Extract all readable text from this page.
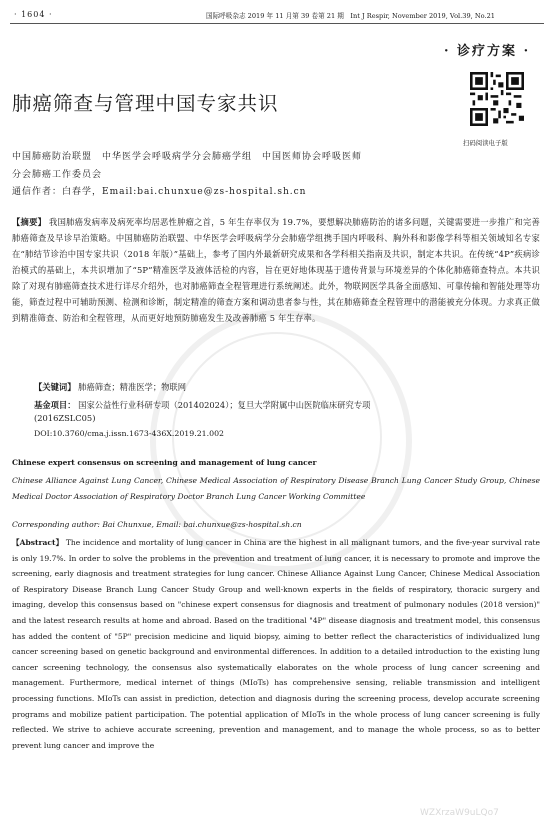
· 1604 ·	国际呼吸杂志 2019 年 11 月第 39 卷第 21 期　Int J Respir, November 2019, Vol.39, No.21
· 诊疗方案 ·
扫码阅读电子版
肺癌筛查与管理中国专家共识
中国肺癌防治联盟　中华医学会呼吸病学分会肺癌学组　中国医师协会呼吸医师
分会肺癌工作委员会
通信作者：白春学，Email:bai.chunxue@zs-hospital.sh.cn
【摘要】 我国肺癌发病率及病死率均居恶性肿瘤之首，5 年生存率仅为 19.7%，要想解决肺癌防治的诸多问题，关键需要进一步推广和完善肺癌筛查及早诊早治策略。中国肺癌防治联盟、中华医学会呼吸病学分会肺癌学组携手国内呼吸科、胸外科和影像学科等相关领域知名专家在“肺结节诊治中国专家共识（2018 年版）”基础上，参考了国内外最新研究成果和各学科相关指南及共识，制定本共识。在传统“4P”疾病诊治模式的基础上，本共识增加了“5P”精准医学及液体活检的内容，旨在更好地体现基于遗传背景与环境差异的个体化肺癌筛查特点。本共识除了对现有肺癌筛查技术进行详尽介绍外，也对肺癌筛查全程管理进行系统阐述。此外，物联网医学具备全面感知、可靠传输和智能处理等功能，筛查过程中可辅助预测、检测和诊断，制定精准的筛查方案和调动患者参与性，其在肺癌筛查全程管理中的潜能被充分体现。力求真正做到精准筛查、防治和全程管理，从而更好地预防肺癌发生及改善肺癌 5 年生存率。
【关键词】 肺癌筛查；精准医学；物联网
基金项目： 国家公益性行业科研专项（201402024）；复旦大学附属中山医院临床研究专项
(2016ZSLC05)
DOI:10.3760/cma.j.issn.1673-436X.2019.21.002
Chinese expert consensus on screening and management of lung cancer
Chinese Alliance Against Lung Cancer, Chinese Medical Association of Respiratory Disease Branch Lung Cancer Study Group, Chinese Medical Doctor Association of Respiratory Doctor Branch Lung Cancer Working Committee
Corresponding author: Bai Chunxue, Email: bai.chunxue@zs-hospital.sh.cn
【Abstract】 The incidence and mortality of lung cancer in China are the highest in all malignant tumors, and the five-year survival rate is only 19.7%. In order to solve the problems in the prevention and treatment of lung cancer, it is necessary to promote and improve the screening, early diagnosis and treatment strategies for lung cancer. Chinese Alliance Against Lung Cancer, Chinese Medical Association of Respiratory Disease Branch Lung Cancer Study Group and well-known experts in the fields of respiratory, thoracic surgery and imaging, develop this consensus based on "chinese expert consensus for diagnosis and treatment of pulmonary nodules (2018 version)" and the latest research results at home and abroad. Based on the traditional "4P" disease diagnosis and treatment model, this consensus has added the content of "5P" precision medicine and liquid biopsy, aiming to better reflect the characteristics of individualized lung cancer screening based on genetic background and environmental differences. In addition to a detailed introduction to the existing lung cancer screening technology, the consensus also systematically elaborates on the whole process of lung cancer screening and management. Furthermore, medical internet of things (MIoTs) has comprehensive sensing, reliable transmission and intelligent processing functions. MIoTs can assist in prediction, detection and diagnosis during the screening process, develop accurate screening programs and mobilize patient participation. The potential application of MIoTs in the whole process of lung cancer screening is fully reflected. We strive to achieve accurate screening, prevention and management, and to manage the whole process, so as to better prevent lung cancer and improve the
WZXrzaW9uLQo7
